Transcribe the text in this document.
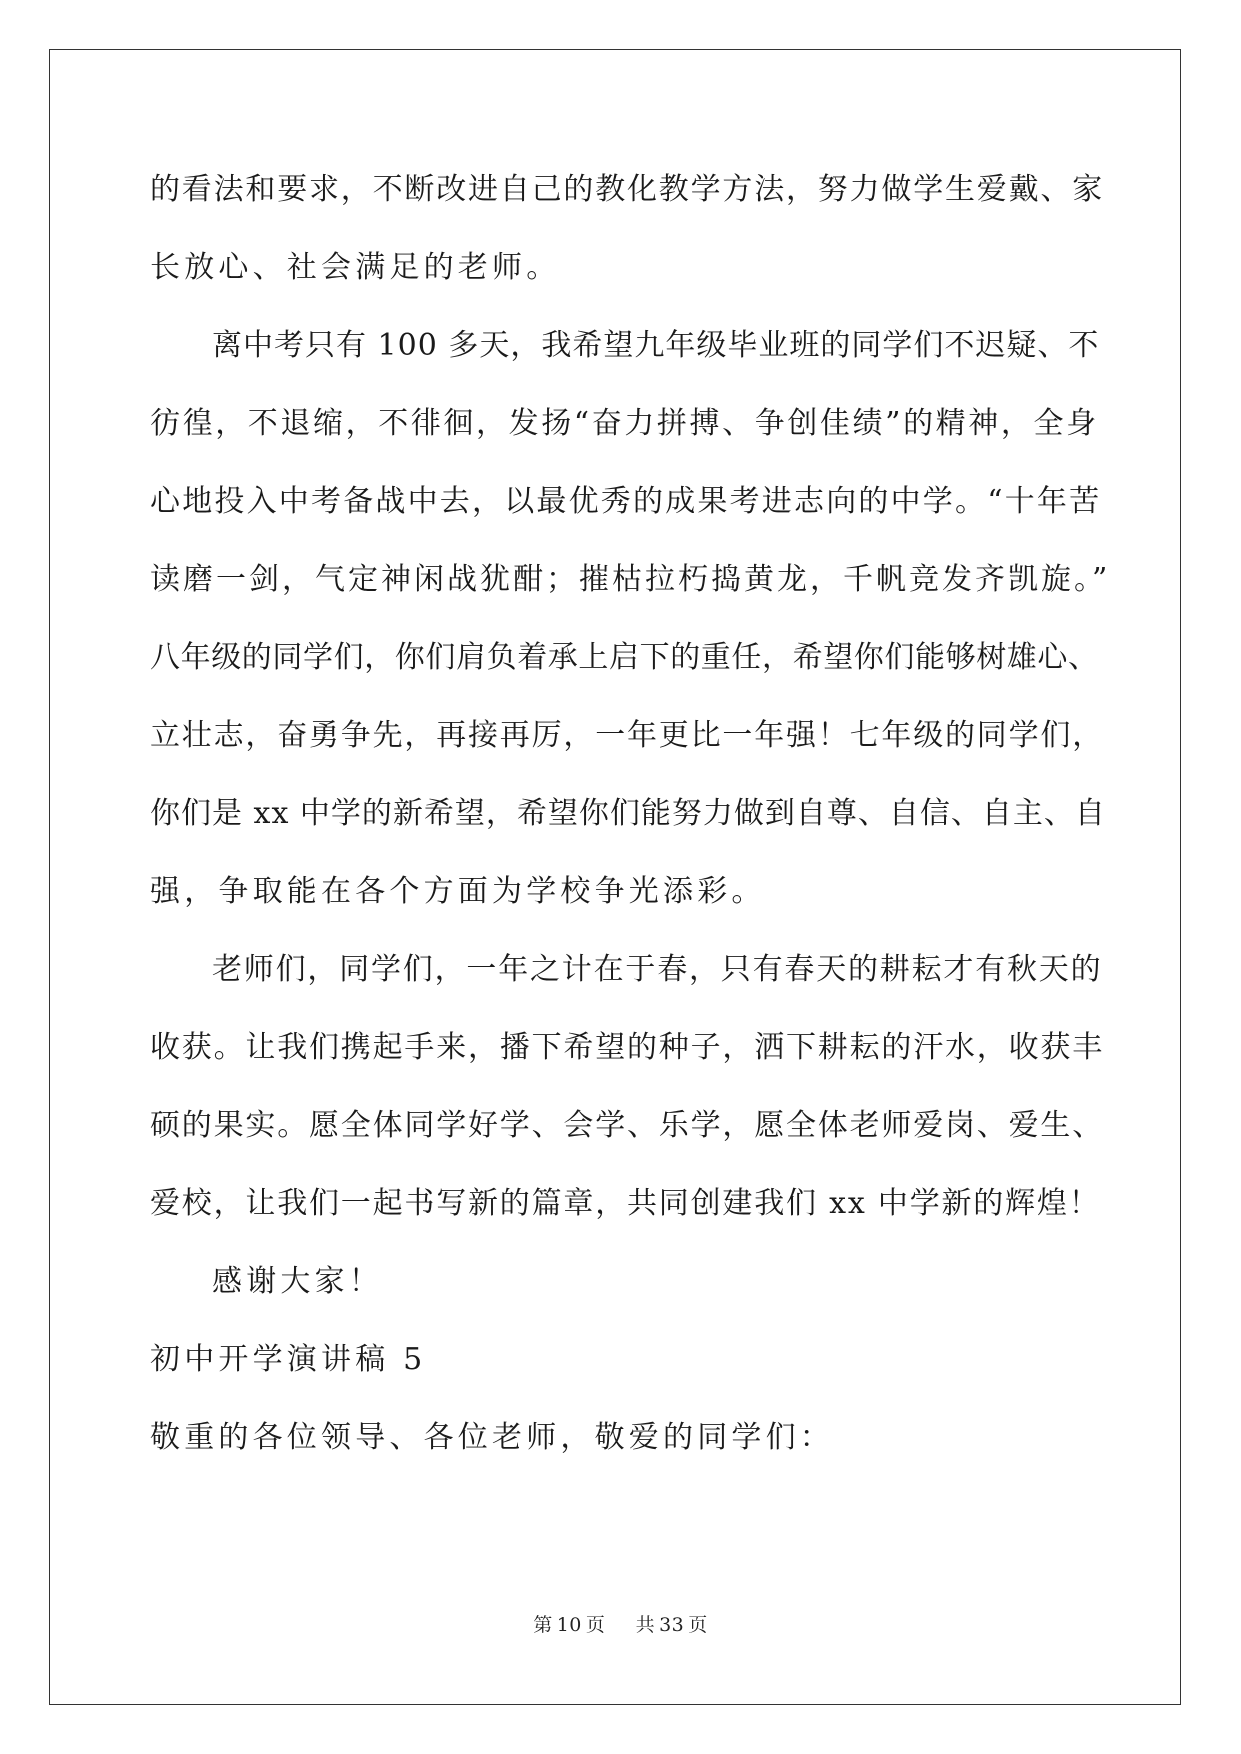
的看法和要求，不断改进自己的教化教学方法，努力做学生爱戴、家
长放心、社会满足的老师。
离中考只有 100 多天，我希望九年级毕业班的同学们不迟疑、不
彷徨，不退缩，不徘徊，发扬“奋力拼搏、争创佳绩”的精神，全身
心地投入中考备战中去，以最优秀的成果考进志向的中学。“十年苦
读磨一剑，气定神闲战犹酣；摧枯拉朽捣黄龙，千帆竞发齐凯旋。”
八年级的同学们，你们肩负着承上启下的重任，希望你们能够树雄心、
立壮志，奋勇争先，再接再厉，一年更比一年强！七年级的同学们，
你们是 xx 中学的新希望，希望你们能努力做到自尊、自信、自主、自
强，争取能在各个方面为学校争光添彩。
老师们，同学们，一年之计在于春，只有春天的耕耘才有秋天的
收获。让我们携起手来，播下希望的种子，洒下耕耘的汗水，收获丰
硕的果实。愿全体同学好学、会学、乐学，愿全体老师爱岗、爱生、
爱校，让我们一起书写新的篇章，共同创建我们 xx 中学新的辉煌！
感谢大家！
初中开学演讲稿 5
敬重的各位领导、各位老师，敬爱的同学们：
第 10 页 共 33 页
